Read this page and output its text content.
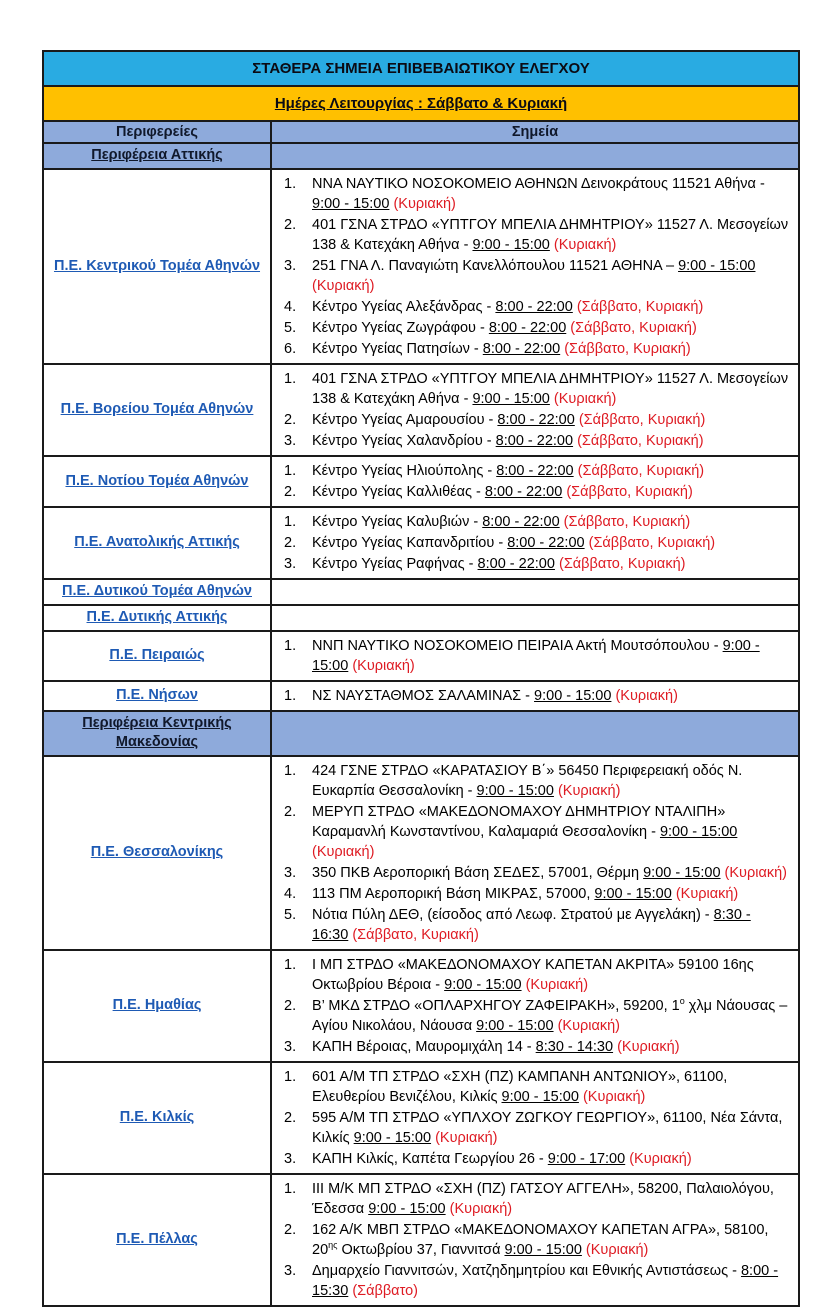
ΣΤΑΘΕΡΑ ΣΗΜΕΙΑ ΕΠΙΒΕΒΑΙΩΤΙΚΟΥ ΕΛΕΓΧΟΥ	
Ημέρες Λειτουργίας : Σάββατο & Κυριακή	
Περιφερείες	Σημεία

Περιφέρεια Αττικής	

Π.Ε. Κεντρικού Τομέα Αθηνών	
ΝΝΑ ΝΑΥΤΙΚΟ ΝΟΣΟΚΟΜΕΙΟ ΑΘΗΝΩΝ Δεινοκράτους 11521 Αθήνα - 9:00 - 15:00 (Κυριακή)
401 ΓΣΝΑ ΣΤΡΔΟ «ΥΠΤΓΟΥ ΜΠΕΛΙΑ ΔΗΜΗΤΡΙΟΥ» 11527 Λ. Μεσογείων 138 & Κατεχάκη Αθήνα - 9:00 - 15:00 (Κυριακή)
251 ΓΝΑ Λ. Παναγιώτη Κανελλόπουλου 11521 ΑΘΗΝΑ – 9:00 - 15:00 (Κυριακή)
Κέντρο Υγείας Αλεξάνδρας - 8:00 - 22:00 (Σάββατο, Κυριακή)
Κέντρο Υγείας Ζωγράφου - 8:00 - 22:00 (Σάββατο, Κυριακή)
Κέντρο Υγείας Πατησίων - 8:00 - 22:00 (Σάββατο, Κυριακή)

Π.Ε. Βορείου Τομέα Αθηνών	
401 ΓΣΝΑ ΣΤΡΔΟ «ΥΠΤΓΟΥ ΜΠΕΛΙΑ ΔΗΜΗΤΡΙΟΥ» 11527 Λ. Μεσογείων 138 & Κατεχάκη Αθήνα - 9:00 - 15:00 (Κυριακή)
Κέντρο Υγείας Αμαρουσίου - 8:00 - 22:00 (Σάββατο, Κυριακή)
Κέντρο Υγείας Χαλανδρίου - 8:00 - 22:00 (Σάββατο, Κυριακή)

Π.Ε. Νοτίου Τομέα Αθηνών	
Κέντρο Υγείας Ηλιούπολης - 8:00 - 22:00 (Σάββατο, Κυριακή)
Κέντρο Υγείας Καλλιθέας - 8:00 - 22:00 (Σάββατο, Κυριακή)

Π.Ε. Ανατολικής Αττικής	
Κέντρο Υγείας Καλυβιών - 8:00 - 22:00 (Σάββατο, Κυριακή)
Κέντρο Υγείας Καπανδριτίου - 8:00 - 22:00 (Σάββατο, Κυριακή)
Κέντρο Υγείας Ραφήνας - 8:00 - 22:00 (Σάββατο, Κυριακή)

Π.Ε. Δυτικού Τομέα Αθηνών	

Π.Ε. Δυτικής Αττικής	

Π.Ε. Πειραιώς	
ΝΝΠ ΝΑΥΤΙΚΟ ΝΟΣΟΚΟΜΕΙΟ ΠΕΙΡΑΙΑ Ακτή Μουτσόπουλου - 9:00 - 15:00 (Κυριακή)

Π.Ε. Νήσων	ΝΣ ΝΑΥΣΤΑΘΜΟΣ ΣΑΛΑΜΙΝΑΣ - 9:00 - 15:00 (Κυριακή)

Περιφέρεια Κεντρικής
Μακεδονίας	

Π.Ε. Θεσσαλονίκης	
424 ΓΣΝΕ ΣΤΡΔΟ «ΚΑΡΑΤΑΣΙΟΥ Β΄» 56450 Περιφερειακή οδός Ν. Ευκαρπία Θεσσαλονίκη - 9:00 - 15:00 (Κυριακή)
ΜΕΡΥΠ ΣΤΡΔΟ «ΜΑΚΕΔΟΝΟΜΑΧΟΥ ΔΗΜΗΤΡΙΟΥ ΝΤΑΛΙΠΗ» Καραμανλή Κωνσταντίνου, Καλαμαριά Θεσσαλονίκη - 9:00 - 15:00 (Κυριακή)
350 ΠΚΒ Αεροπορική Βάση ΣΕΔΕΣ, 57001, Θέρμη 9:00 - 15:00 (Κυριακή)
113 ΠΜ Αεροπορική Βάση ΜΙΚΡΑΣ, 57000, 9:00 - 15:00 (Κυριακή)
Νότια Πύλη ΔΕΘ, (είσοδος από Λεωφ. Στρατού με Αγγελάκη) - 8:30 - 16:30 (Σάββατο, Κυριακή)

Π.Ε. Ημαθίας	
Ι ΜΠ ΣΤΡΔΟ «ΜΑΚΕΔΟΝΟΜΑΧΟΥ ΚΑΠΕΤΑΝ ΑΚΡΙΤΑ» 59100 16ης Οκτωβρίου Βέροια - 9:00 - 15:00 (Κυριακή)
Β’ ΜΚΔ ΣΤΡΔΟ «ΟΠΛΑΡΧΗΓΟΥ ΖΑΦΕΙΡΑΚΗ», 59200, $1^o$ χλμ Νάουσας – Αγίου Νικολάου, Νάουσα 9:00 - 15:00 (Κυριακή)
ΚΑΠΗ Βέροιας, Μαυρομιχάλη 14 - 8:30 - 14:30 (Κυριακή)

Π.Ε. Κιλκίς	
601 Α/Μ ΤΠ ΣΤΡΔΟ «ΣΧΗ (ΠΖ) ΚΑΜΠΑΝΗ ΑΝΤΩΝΙΟΥ», 61100, Ελευθερίου Βενιζέλου, Κιλκίς 9:00 - 15:00 (Κυριακή)
595 Α/Μ ΤΠ ΣΤΡΔΟ «ΥΠΛΧΟΥ ΖΩΓΚΟΥ ΓΕΩΡΓΙΟΥ», 61100, Νέα Σάντα, Κιλκίς 9:00 - 15:00 (Κυριακή)
ΚΑΠΗ Κιλκίς, Καπέτα Γεωργίου 26 - 9:00 - 17:00 (Κυριακή)

Π.Ε. Πέλλας	
ΙΙΙ Μ/Κ ΜΠ ΣΤΡΔΟ «ΣΧΗ (ΠΖ) ΓΑΤΣΟΥ ΑΓΓΕΛΗ», 58200, Παλαιολόγου, Έδεσσα 9:00 - 15:00 (Κυριακή)
162 Α/Κ ΜΒΠ ΣΤΡΔΟ «ΜΑΚΕΔΟΝΟΜΑΧΟΥ ΚΑΠΕΤΑΝ ΑΓΡΑ», 58100, $20^{\eta\varsigma}$ Οκτωβρίου 37, Γιαννιτσά 9:00 - 15:00 (Κυριακή)
Δημαρχείο Γιαννιτσών, Χατζηδημητρίου και Εθνικής Αντιστάσεως - 8:00 - 15:30 (Σάββατο)
